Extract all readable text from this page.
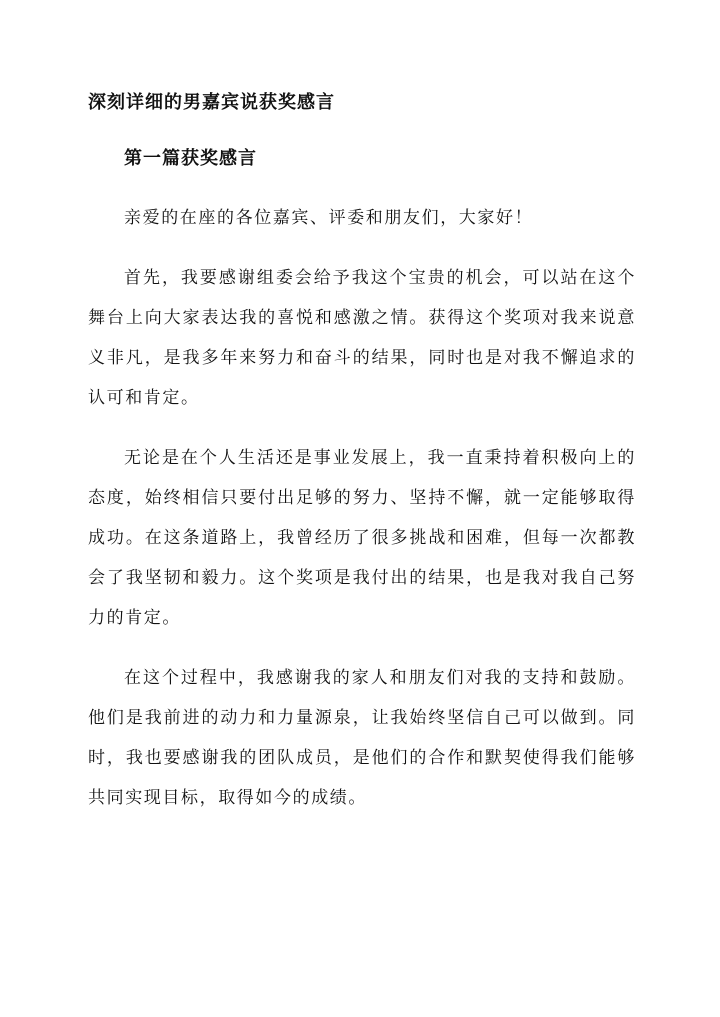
深刻详细的男嘉宾说获奖感言
第一篇获奖感言

亲爱的在座的各位嘉宾、评委和朋友们，大家好！

首先，我要感谢组委会给予我这个宝贵的机会，可以站在这个舞台上向大家表达我的喜悦和感激之情。获得这个奖项对我来说意义非凡，是我多年来努力和奋斗的结果，同时也是对我不懈追求的认可和肯定。

无论是在个人生活还是事业发展上，我一直秉持着积极向上的态度，始终相信只要付出足够的努力、坚持不懈，就一定能够取得成功。在这条道路上，我曾经历了很多挑战和困难，但每一次都教会了我坚韧和毅力。这个奖项是我付出的结果，也是我对我自己努力的肯定。

在这个过程中，我感谢我的家人和朋友们对我的支持和鼓励。他们是我前进的动力和力量源泉，让我始终坚信自己可以做到。同时，我也要感谢我的团队成员，是他们的合作和默契使得我们能够共同实现目标，取得如今的成绩。
